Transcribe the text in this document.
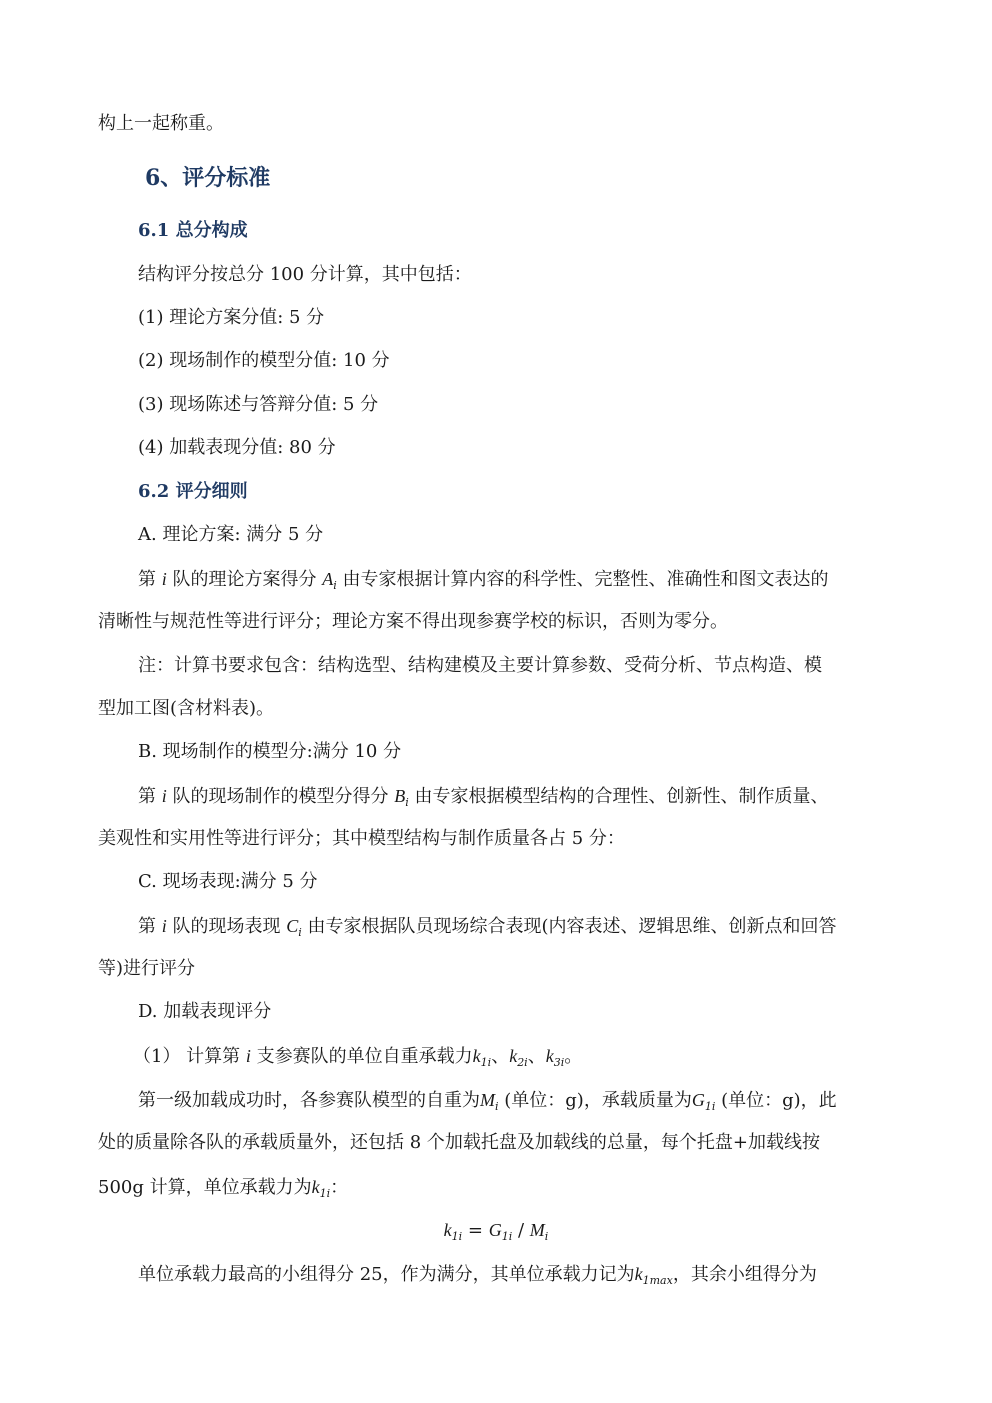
构上一起称重。
6、评分标准
6.1 总分构成
结构评分按总分 100 分计算，其中包括：
(1) 理论方案分值: 5 分
(2) 现场制作的模型分值: 10 分
(3) 现场陈述与答辩分值: 5 分
(4) 加载表现分值: 80 分
6.2 评分细则
A. 理论方案: 满分 5 分
第 i 队的理论方案得分 $A_i$ 由专家根据计算内容的科学性、完整性、准确性和图文表达的
清晰性与规范性等进行评分；理论方案不得出现参赛学校的标识，否则为零分。
注：计算书要求包含：结构选型、结构建模及主要计算参数、受荷分析、节点构造、模
型加工图(含材料表)。
B. 现场制作的模型分:满分 10 分
第 i 队的现场制作的模型分得分 $B_i$ 由专家根据模型结构的合理性、创新性、制作质量、
美观性和实用性等进行评分；其中模型结构与制作质量各占 5 分：
C. 现场表现:满分 5 分
第 i 队的现场表现 $C_i$ 由专家根据队员现场综合表现(内容表述、逻辑思维、创新点和回答
等)进行评分
D. 加载表现评分
（1） 计算第 i 支参赛队的单位自重承载力$k_{1i}$、$k_{2i}$、$k_{3i}$。
第一级加载成功时，各参赛队模型的自重为$M_i$ (单位：g)，承载质量为$G_{1i}$ (单位：g)，此
处的质量除各队的承载质量外，还包括 8 个加载托盘及加载线的总量，每个托盘+加载线按
500g 计算，单位承载力为$k_{1i}$：
$k_{1i} = G_{1i} / M_i$
单位承载力最高的小组得分 25，作为满分，其单位承载力记为$k_{1max}$，其余小组得分为
